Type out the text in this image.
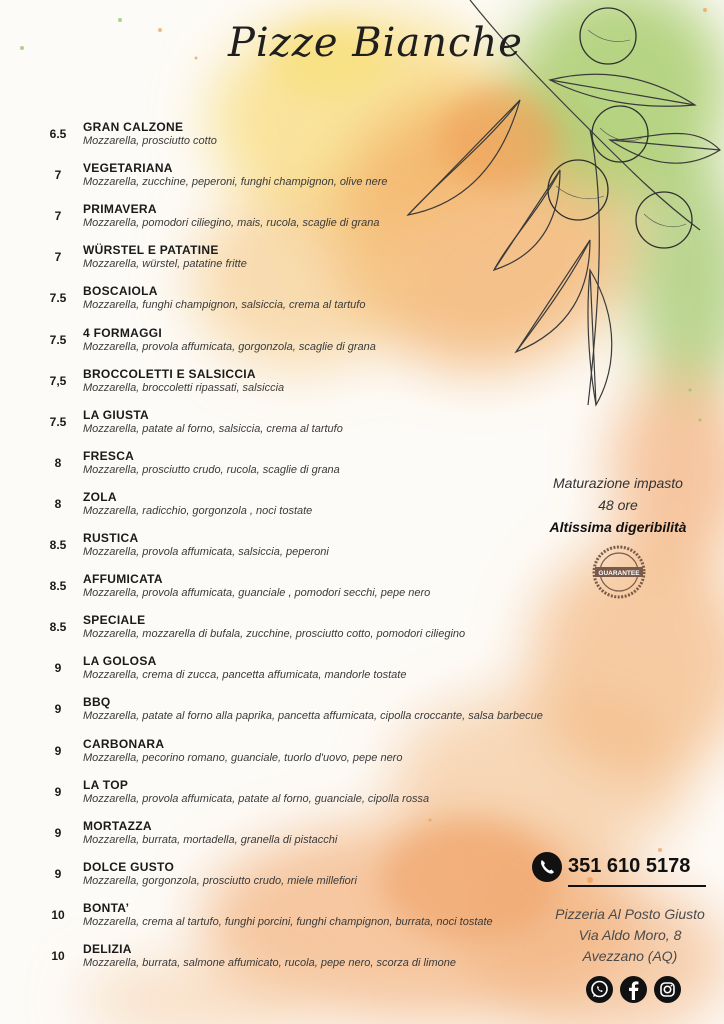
Pizze Bianche
6.5	GRAN CALZONE
Mozzarella, prosciutto cotto
7	VEGETARIANA
Mozzarella, zucchine, peperoni, funghi champignon, olive nere
7	PRIMAVERA
Mozzarella, pomodori ciliegino, mais, rucola, scaglie di grana
7	WÜRSTEL E PATATINE
Mozzarella, würstel, patatine fritte
7.5	BOSCAIOLA
Mozzarella, funghi champignon, salsiccia, crema al tartufo
7.5	4 FORMAGGI
Mozzarella, provola affumicata, gorgonzola, scaglie di grana
7,5	BROCCOLETTI E SALSICCIA
Mozzarella, broccoletti ripassati, salsiccia
7.5	LA GIUSTA
Mozzarella, patate al forno, salsiccia, crema al tartufo
8	FRESCA
Mozzarella, prosciutto crudo, rucola, scaglie di grana
8	ZOLA
Mozzarella, radicchio, gorgonzola , noci tostate
8.5	RUSTICA
Mozzarella, provola affumicata, salsiccia, peperoni
8.5	AFFUMICATA
Mozzarella, provola affumicata, guanciale , pomodori secchi, pepe nero
8.5	SPECIALE
Mozzarella, mozzarella di bufala, zucchine, prosciutto cotto, pomodori ciliegino
9	LA GOLOSA
Mozzarella, crema di zucca, pancetta affumicata, mandorle tostate
9	BBQ
Mozzarella, patate al forno alla paprika, pancetta affumicata, cipolla croccante, salsa barbecue
9	CARBONARA
Mozzarella, pecorino romano, guanciale, tuorlo d'uovo, pepe nero
9	LA TOP
Mozzarella, provola affumicata, patate al forno, guanciale, cipolla rossa
9	MORTAZZA
Mozzarella, burrata, mortadella, granella di pistacchi
9	DOLCE GUSTO
Mozzarella, gorgonzola, prosciutto crudo, miele millefiori
10	BONTA’
Mozzarella, crema al tartufo, funghi porcini, funghi champignon, burrata, noci tostate
10	DELIZIA
Mozzarella, burrata, salmone affumicato, rucola, pepe nero, scorza di limone
Maturazione impasto
48 ore
Altissima digeribilità
GUARANTEE
351 610 5178
Pizzeria Al Posto Giusto
Via Aldo Moro, 8
Avezzano (AQ)
